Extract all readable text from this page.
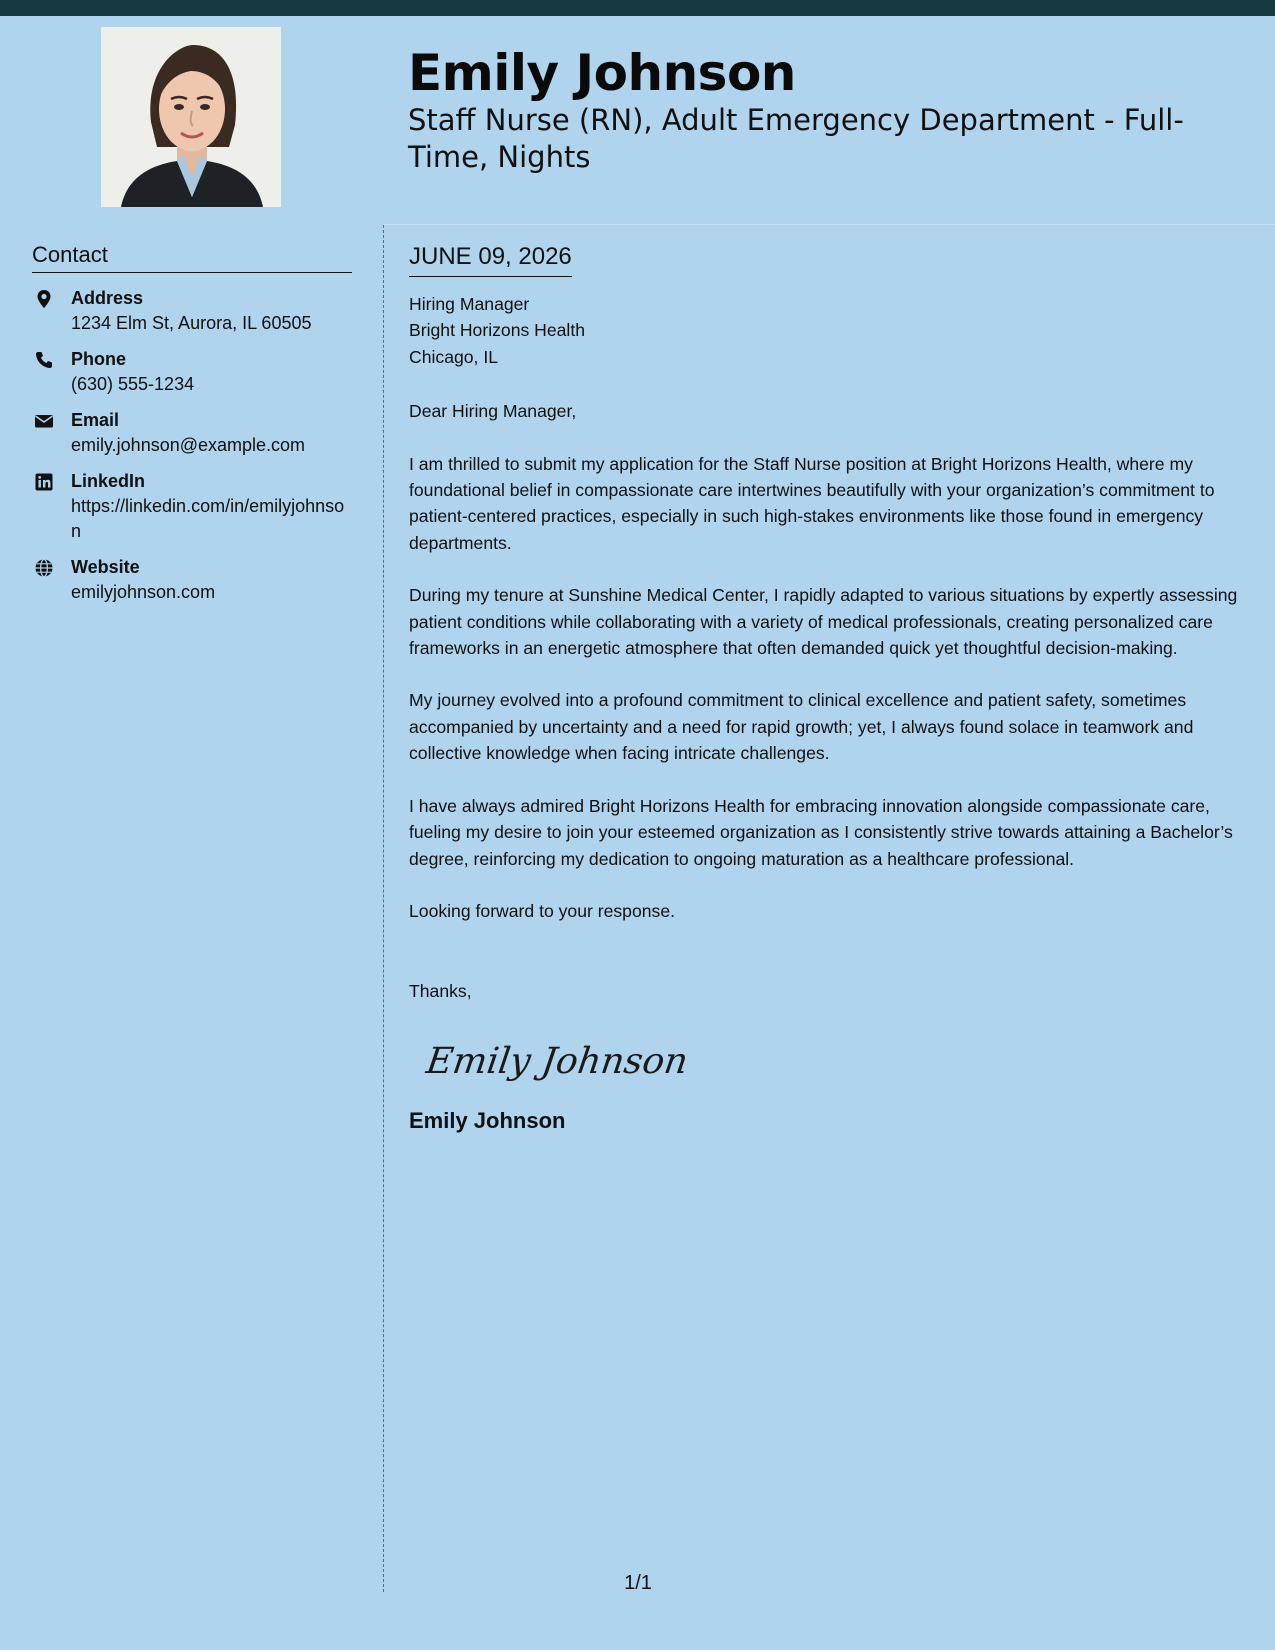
Emily Johnson
Staff Nurse (RN), Adult Emergency Department - Full-Time, Nights
Contact
Address
1234 Elm St, Aurora, IL 60505
Phone
(630) 555-1234
Email
emily.johnson@example.com
LinkedIn
https://linkedin.com/in/emilyjohnson
Website
emilyjohnson.com
JUNE 09, 2026
Hiring Manager
Bright Horizons Health
Chicago, IL
Dear Hiring Manager,

I am thrilled to submit my application for the Staff Nurse position at Bright Horizons Health, where my foundational belief in compassionate care intertwines beautifully with your organization’s commitment to patient-centered practices, especially in such high-stakes environments like those found in emergency departments.

During my tenure at Sunshine Medical Center, I rapidly adapted to various situations by expertly assessing patient conditions while collaborating with a variety of medical professionals, creating personalized care frameworks in an energetic atmosphere that often demanded quick yet thoughtful decision-making.

My journey evolved into a profound commitment to clinical excellence and patient safety, sometimes accompanied by uncertainty and a need for rapid growth; yet, I always found solace in teamwork and collective knowledge when facing intricate challenges.

I have always admired Bright Horizons Health for embracing innovation alongside compassionate care, fueling my desire to join your esteemed organization as I consistently strive towards attaining a Bachelor’s degree, reinforcing my dedication to ongoing maturation as a healthcare professional.

Looking forward to your response.
Thanks,
Emily Johnson
Emily Johnson
1/1
